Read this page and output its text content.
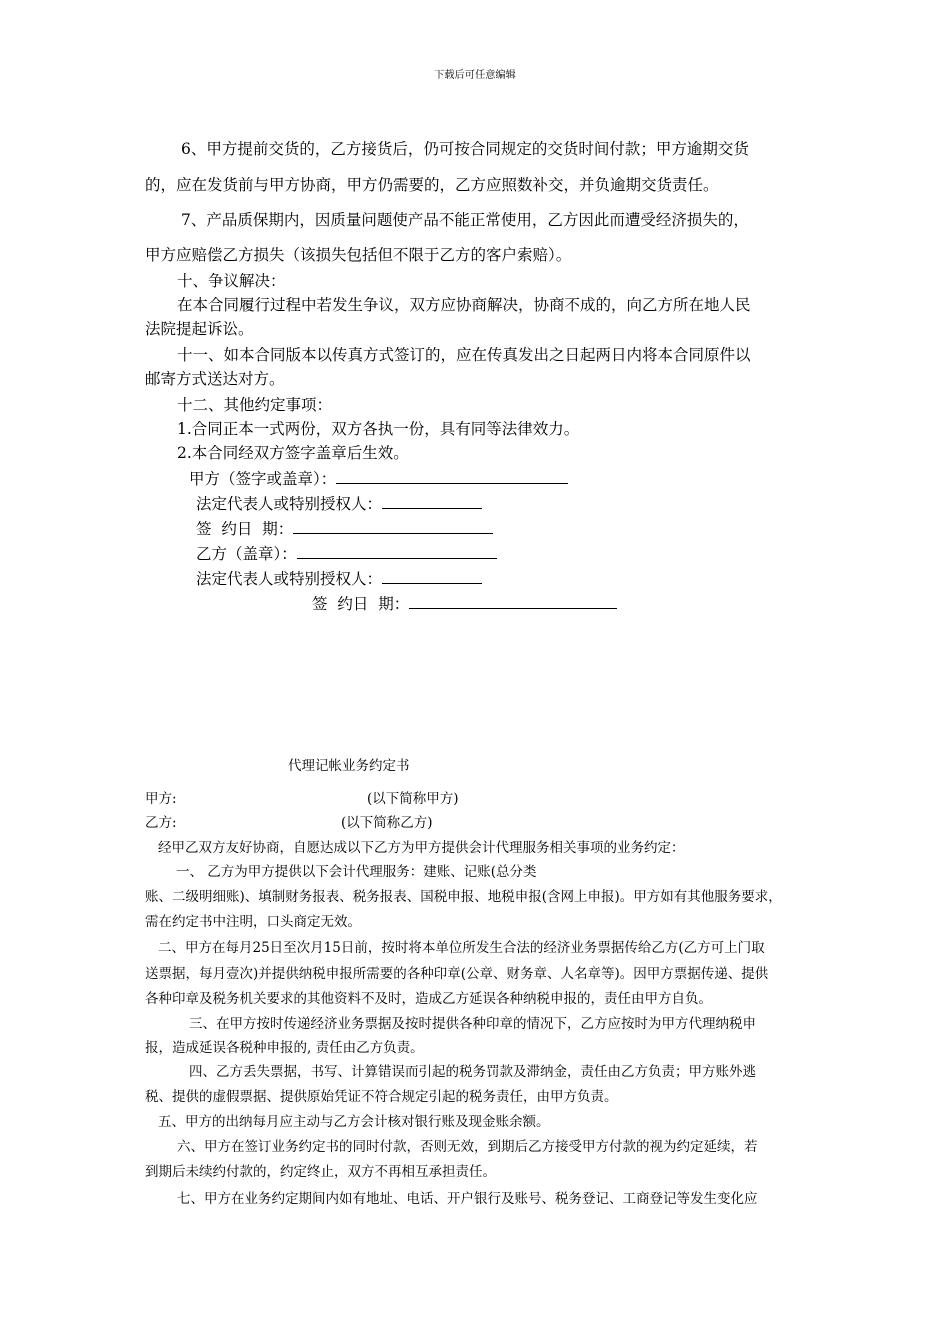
下载后可任意编辑
6、甲方提前交货的，乙方接货后，仍可按合同规定的交货时间付款；甲方逾期交货
的，应在发货前与甲方协商，甲方仍需要的，乙方应照数补交，并负逾期交货责任。
7、产品质保期内，因质量问题使产品不能正常使用，乙方因此而遭受经济损失的，
甲方应赔偿乙方损失（该损失包括但不限于乙方的客户索赔）。
十、争议解决：
在本合同履行过程中若发生争议，双方应协商解决，协商不成的，向乙方所在地人民
法院提起诉讼。
十一、如本合同版本以传真方式签订的，应在传真发出之日起两日内将本合同原件以
邮寄方式送达对方。
十二、其他约定事项：
1.合同正本一式两份，双方各执一份，具有同等法律效力。
2.本合同经双方签字盖章后生效。
甲方（签字或盖章）：
法定代表人或特别授权人：
签  约日  期：
乙方（盖章）：
法定代表人或特别授权人：
签  约日  期：
代理记帐业务约定书
甲方:	(以下简称甲方)
乙方:	(以下简称乙方)
经甲乙双方友好协商，自愿达成以下乙方为甲方提供会计代理服务相关事项的业务约定：
一、 乙方为甲方提供以下会计代理服务：建账、记账(总分类
账、二级明细账)、填制财务报表、税务报表、国税申报、地税申报(含网上申报)。甲方如有其他服务要求，
需在约定书中注明，口头商定无效。
二、甲方在每月25日至次月15日前，按时将本单位所发生合法的经济业务票据传给乙方(乙方可上门取
送票据，每月壹次)并提供纳税申报所需要的各种印章(公章、财务章、人名章等)。因甲方票据传递、提供
各种印章及税务机关要求的其他资料不及时，造成乙方延误各种纳税申报的，责任由甲方自负。
三、在甲方按时传递经济业务票据及按时提供各种印章的情况下，乙方应按时为甲方代理纳税申
报，造成延误各税种申报的, 责任由乙方负责。
四、乙方丢失票据，书写、计算错误而引起的税务罚款及滞纳金，责任由乙方负责；甲方账外逃
税、提供的虚假票据、提供原始凭证不符合规定引起的税务责任，由甲方负责。
五、甲方的出纳每月应主动与乙方会计核对银行账及现金账余额。
六、甲方在签订业务约定书的同时付款，否则无效，到期后乙方接受甲方付款的视为约定延续，若
到期后未续约付款的，约定终止，双方不再相互承担责任。
七、甲方在业务约定期间内如有地址、电话、开户银行及账号、税务登记、工商登记等发生变化应
